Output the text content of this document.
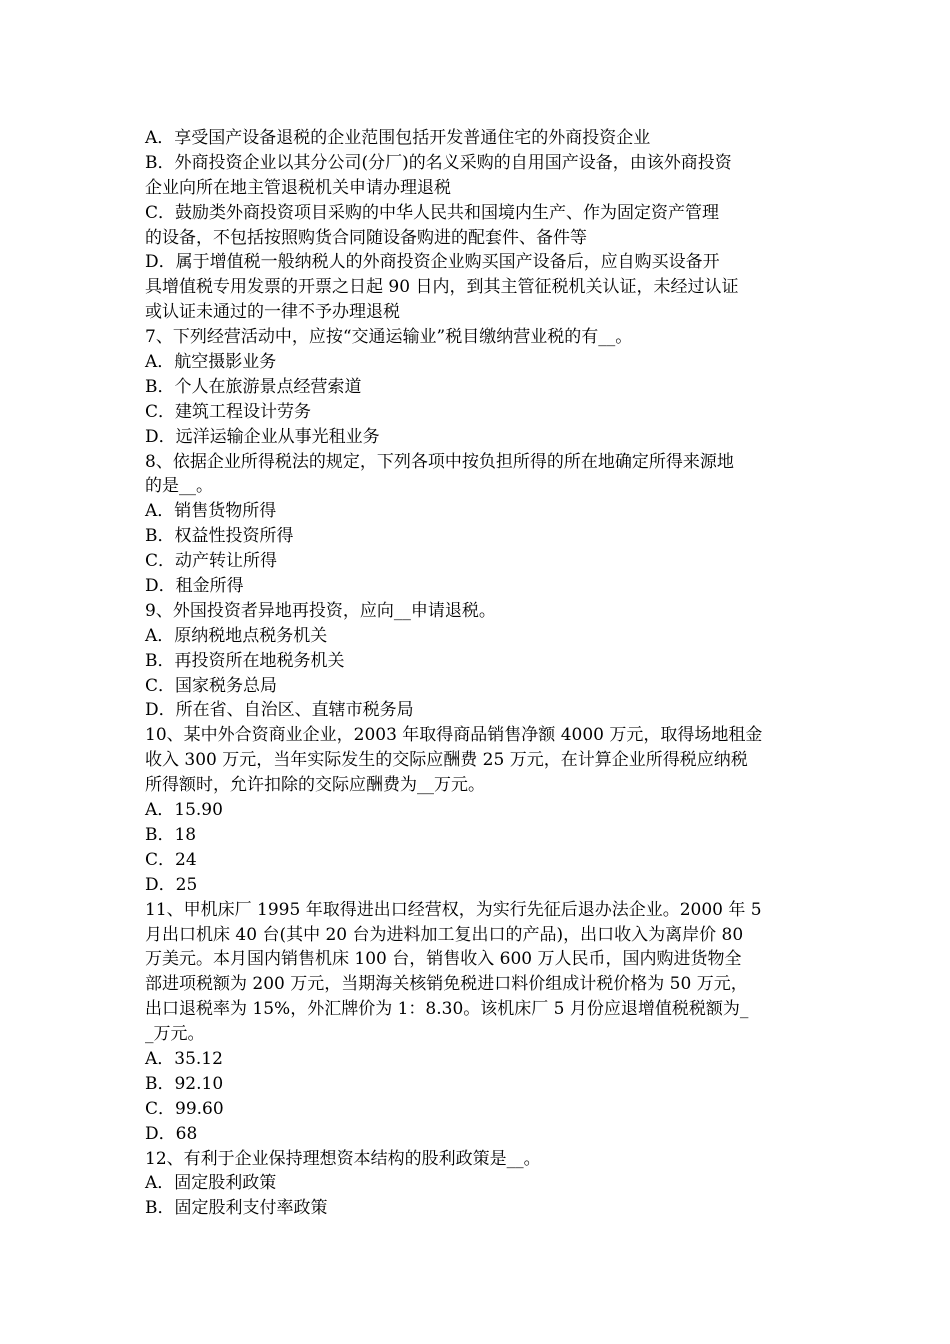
A．享受国产设备退税的企业范围包括开发普通住宅的外商投资企业
B．外商投资企业以其分公司(分厂)的名义采购的自用国产设备，由该外商投资
企业向所在地主管退税机关申请办理退税
C．鼓励类外商投资项目采购的中华人民共和国境内生产、作为固定资产管理
的设备，不包括按照购货合同随设备购进的配套件、备件等
D．属于增值税一般纳税人的外商投资企业购买国产设备后，应自购买设备开
具增值税专用发票的开票之日起 90 日内，到其主管征税机关认证，未经过认证
或认证未通过的一律不予办理退税
7、下列经营活动中，应按“交通运输业”税目缴纳营业税的有__。
A．航空摄影业务
B．个人在旅游景点经营索道
C．建筑工程设计劳务
D．远洋运输企业从事光租业务
8、依据企业所得税法的规定，下列各项中按负担所得的所在地确定所得来源地
的是__。
A．销售货物所得
B．权益性投资所得
C．动产转让所得
D．租金所得
9、外国投资者异地再投资，应向__申请退税。
A．原纳税地点税务机关
B．再投资所在地税务机关
C．国家税务总局
D．所在省、自治区、直辖市税务局
10、某中外合资商业企业，2003 年取得商品销售净额 4000 万元，取得场地租金
收入 300 万元，当年实际发生的交际应酬费 25 万元，在计算企业所得税应纳税
所得额时，允许扣除的交际应酬费为__万元。
A．15.90
B．18
C．24
D．25
11、甲机床厂 1995 年取得进出口经营权，为实行先征后退办法企业。2000 年 5
月出口机床 40 台(其中 20 台为进料加工复出口的产品)，出口收入为离岸价 80
万美元。本月国内销售机床 100 台，销售收入 600 万人民币，国内购进货物全
部进项税额为 200 万元，当期海关核销免税进口料价组成计税价格为 50 万元，
出口退税率为 15%，外汇牌价为 1：8.30。该机床厂 5 月份应退增值税税额为_
_万元。
A．35.12
B．92.10
C．99.60
D．68
12、有利于企业保持理想资本结构的股利政策是__。
A．固定股利政策
B．固定股利支付率政策
